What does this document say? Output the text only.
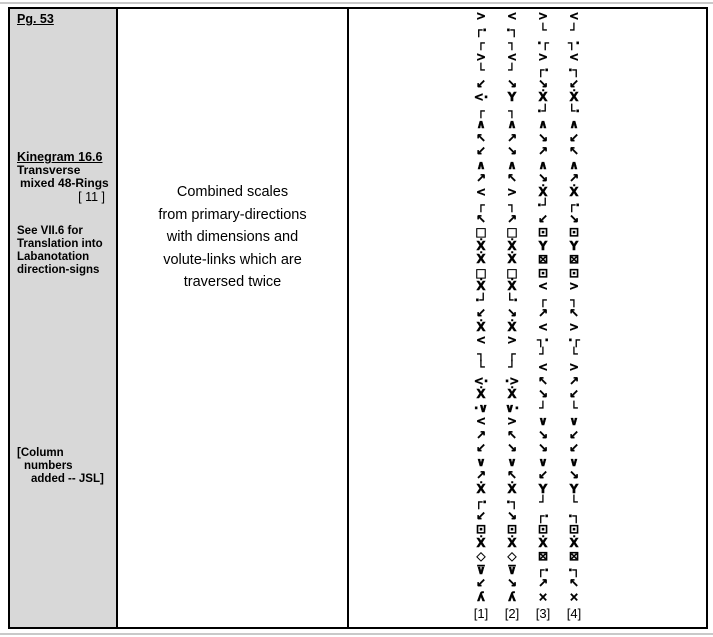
Pg. 53
Kinegram 16.6
Transverse
mixed 48-Rings
[ 11 ]
See VII.6 for
Translation into
Labanotation
direction-signs
[Column
numbers
added -- JSL]
Combined scales
from primary-directions
with dimensions and
volute-links which are
traversed twice
>
┌·
┌
>
└
↙
<·
┌
∧
↖
↙
∧
↗
<
┌
↖
□
Ẋ
Ẋ
□
Ẋ
·┘
↙
Ẋ
<
┐
└
<·
Ẋ
·∨
<
↗
↙
∨
↗
Ẋ
┌·
↙
⊡
Ẋ
◇
⊽
↙
ʎ
[1]
<
·┐
┐
<
┘
↘
Y
┐
∧
↗
↘
∧
↖
>
┐
↗
□
Ẋ
Ẋ
□
Ẋ
└·
↘
Ẋ
>
┌
┘
·>
Ẋ
∨·
>
↖
↘
∨
↖
Ẋ
·┐
↘
⊡
Ẋ
◇
⊽
↘
ʎ
[2]
>
└
·┌
>
┌·
↘
Ẋ
·┘
∧
↘
↗
∧
↘
Ẋ
·┘
↙
⊡
Y
⊠
⊡
<
┌
↗
<
┐·
┘
<
↖
↘
┘
∨
↘
↘
∨
↙
Y
┘
┌·
⊡
Ẋ
⊠
┌·
↗
×
[3]
<
┘
┐·
<
·┐
↙
Ẋ
└·
∧
↙
↖
∧
↗
Ẋ
┌·
↘
⊡
Y
⊠
⊡
>
┐
↖
>
·┌
└
>
↗
↙
└
∨
↙
↙
∨
↘
Y
└
·┐
⊡
Ẋ
⊠
·┐
↖
×
[4]
